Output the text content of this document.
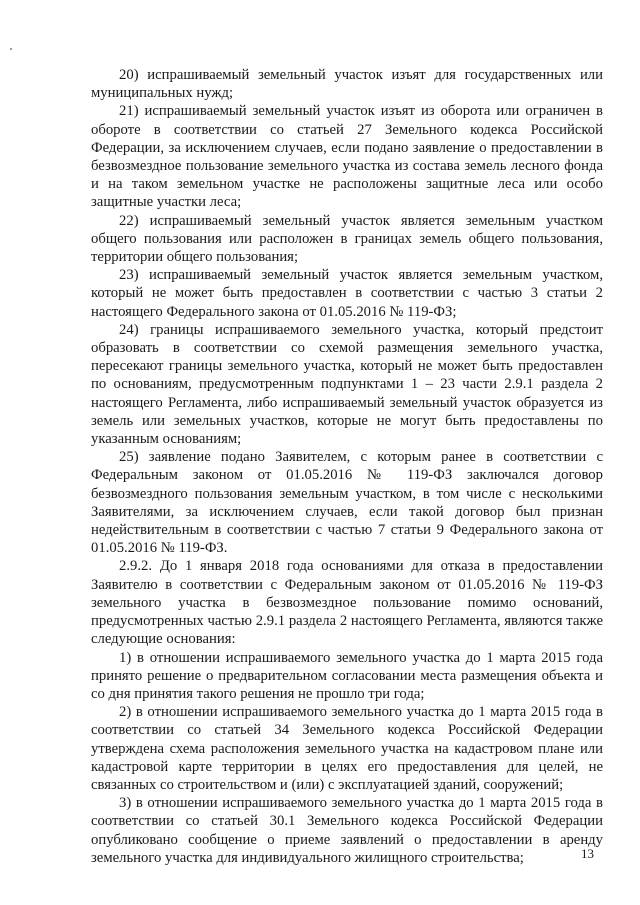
20) испрашиваемый земельный участок изъят для государственных или муниципальных нужд;

21) испрашиваемый земельный участок изъят из оборота или ограничен в обороте в соответствии со статьей 27 Земельного кодекса Российской Федерации, за исключением случаев, если подано заявление о предоставлении в безвозмездное пользование земельного участка из состава земель лесного фонда и на таком земельном участке не расположены защитные леса или особо защитные участки леса;

22) испрашиваемый земельный участок является земельным участком общего пользования или расположен в границах земель общего пользования, территории общего пользования;

23) испрашиваемый земельный участок является земельным участком, который не может быть предоставлен в соответствии с частью 3 статьи 2 настоящего Федерального закона от 01.05.2016 № 119-ФЗ;

24) границы испрашиваемого земельного участка, который предстоит образовать в соответствии со схемой размещения земельного участка, пересекают границы земельного участка, который не может быть предоставлен по основаниям, предусмотренным подпунктами 1 – 23 части 2.9.1 раздела 2 настоящего Регламента, либо испрашиваемый земельный участок образуется из земель или земельных участков, которые не могут быть предоставлены по указанным основаниям;

25) заявление подано Заявителем, с которым ранее в соответствии с Федеральным законом от 01.05.2016 № 119-ФЗ заключался договор безвозмездного пользования земельным участком, в том числе с несколькими Заявителями, за исключением случаев, если такой договор был признан недействительным в соответствии с частью 7 статьи 9 Федерального закона от 01.05.2016 № 119-ФЗ.

2.9.2. До 1 января 2018 года основаниями для отказа в предоставлении Заявителю в соответствии с Федеральным законом от 01.05.2016 № 119-ФЗ земельного участка в безвозмездное пользование помимо оснований, предусмотренных частью 2.9.1 раздела 2 настоящего Регламента, являются также следующие основания:

1) в отношении испрашиваемого земельного участка до 1 марта 2015 года принято решение о предварительном согласовании места размещения объекта и со дня принятия такого решения не прошло три года;

2) в отношении испрашиваемого земельного участка до 1 марта 2015 года в соответствии со статьей 34 Земельного кодекса Российской Федерации утверждена схема расположения земельного участка на кадастровом плане или кадастровой карте территории в целях его предоставления для целей, не связанных со строительством и (или) с эксплуатацией зданий, сооружений;

3) в отношении испрашиваемого земельного участка до 1 марта 2015 года в соответствии со статьей 30.1 Земельного кодекса Российской Федерации опубликовано сообщение о приеме заявлений о предоставлении в аренду земельного участка для индивидуального жилищного строительства;	13
